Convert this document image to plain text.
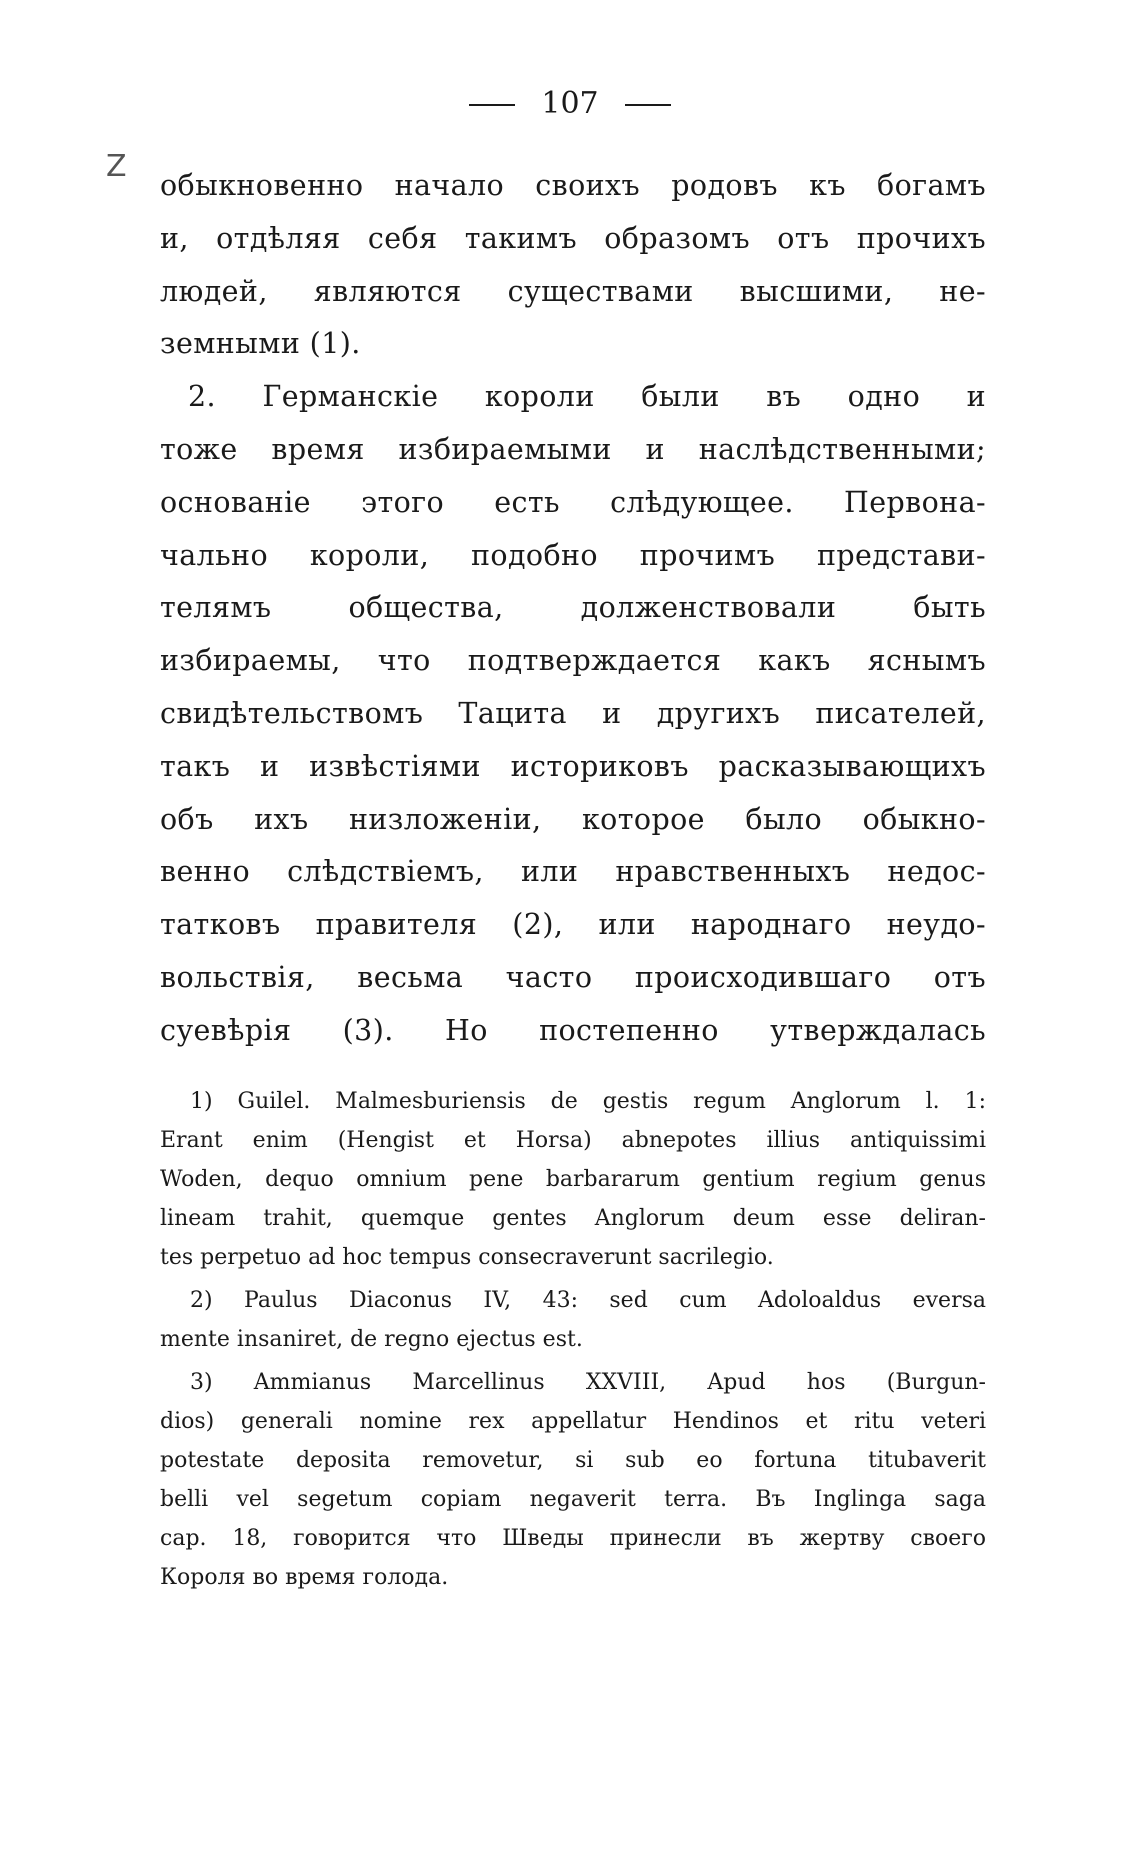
107
Z

обыкновенно начало своихъ родовъ къ богамъ
и, отдѣляя себя такимъ образомъ отъ прочихъ
людей, являются существами высшими, не-
земными (1).

2. Германскіе короли были въ одно и
тоже время избираемыми и наслѣдственными;
основаніе этого есть слѣдующее. Первона-
чально короли, подобно прочимъ представи-
телямъ общества, долженствовали быть
избираемы, что подтверждается какъ яснымъ
свидѣтельствомъ Тацита и другихъ писателей,
такъ и извѣстіями историковъ расказывающихъ
объ ихъ низложеніи, которое было обыкно-
венно слѣдствіемъ, или нравственныхъ недос-
татковъ правителя (2), или народнаго неудо-
вольствія, весьма часто происходившаго отъ
суевѣрія (3). Но постепенно утверждалась

1) Guilel. Malmesburiensis de gestis regum Anglorum l. 1:
Erant enim (Hengist et Horsa) abnepotes illius antiquissimi
Woden, dequo omnium pene barbararum gentium regium genus
lineam trahit, quemque gentes Anglorum deum esse deliran-
tes perpetuo ad hoc tempus consecraverunt sacrilegio.
2) Paulus Diaconus IV, 43: sed cum Adoloaldus eversa
mente insaniret, de regno ejectus est.
3) Ammianus Marcellinus XXVIII, Apud hos (Burgun-
dios) generali nomine rex appellatur Hendinos et ritu veteri
potestate deposita removetur, si sub eo fortuna titubaverit
belli vel segetum copiam negaverit terra. Въ Inglinga saga
cap. 18, говорится что Шведы принесли въ жертву своего
Короля во время голода.
